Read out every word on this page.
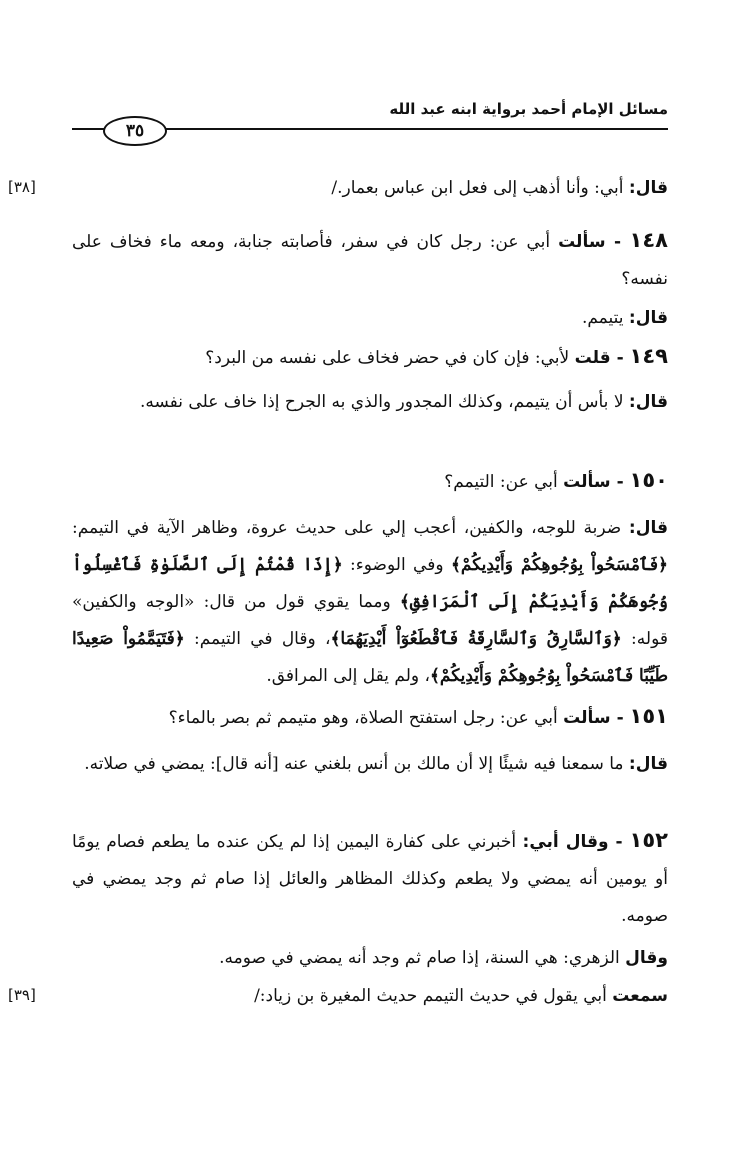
مسائل الإمام أحمد برواية ابنه عبد الله
٣٥
[٣٨]
[٣٩]
قال: أبي: وأنا أذهب إلى فعل ابن عباس بعمار./
١٤٨ - سألت أبي عن: رجل كان في سفر، فأصابته جنابة، ومعه ماء فخاف على نفسه؟
قال: يتيمم.
١٤٩ - قلت لأبي: فإن كان في حضر فخاف على نفسه من البرد؟
قال: لا بأس أن يتيمم، وكذلك المجدور والذي به الجرح إذا خاف على نفسه.
١٥٠ - سألت أبي عن: التيمم؟
قال: ضربة للوجه، والكفين، أعجب إلي على حديث عروة، وظاهر الآية في التيمم: ﴿فَٱمْسَحُواْ بِوُجُوهِكُمْ وَأَيْدِيكُمْ﴾ وفي الوضوء: ﴿إِذَا قُمْتُمْ إِلَى ٱلصَّلَوٰةِ فَٱغْسِلُواْ وُجُوهَكُمْ وَأَيْدِيَكُمْ إِلَى ٱلْمَرَافِقِ﴾ ومما يقوي قول من قال: «الوجه والكفين» قوله: ﴿وَٱلسَّارِقُ وَٱلسَّارِقَةُ فَٱقْطَعُوٓاْ أَيْدِيَهُمَا﴾، وقال في التيمم: ﴿فَتَيَمَّمُواْ صَعِيدًا طَيِّبًا فَٱمْسَحُواْ بِوُجُوهِكُمْ وَأَيْدِيكُمْ﴾، ولم يقل إلى المرافق.
١٥١ - سألت أبي عن: رجل استفتح الصلاة، وهو متيمم ثم بصر بالماء؟
قال: ما سمعنا فيه شيئًا إلا أن مالك بن أنس بلغني عنه [أنه قال]: يمضي في صلاته.
١٥٢ - وقال أبي: أخبرني على كفارة اليمين إذا لم يكن عنده ما يطعم فصام يومًا أو يومين أنه يمضي ولا يطعم وكذلك المظاهر والعائل إذا صام ثم وجد يمضي في صومه.
وقال الزهري: هي السنة، إذا صام ثم وجد أنه يمضي في صومه.
سمعت أبي يقول في حديث التيمم حديث المغيرة بن زياد:/
